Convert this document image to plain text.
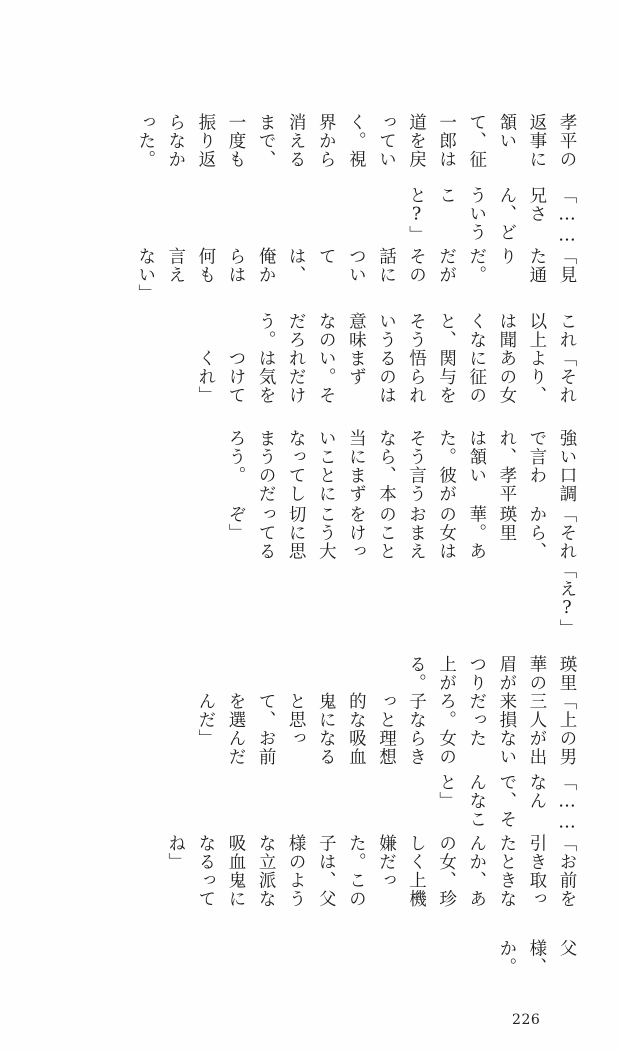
孝平の返事に頷いて、征一郎は道を戻っていく。視界から消えるまで、一度も振り返らなかった。

「……兄さん、どういうこと?」

「見た通りだ。だがその話については、俺からは何も言えない」

これ以上は聞くなと、そういう意味なのだろう。

「それより、あの女に征の関与を悟られるのはまずい。それだけは気をつけてくれ」

強い口調で言われ、孝平は頷いた。彼がそう言うなら、本当にまずいことになってしまうのだろう。

「それから、瑛里華。あの女はおまえのことをけっこう大切に思ってるぞ」

「え?」

瑛里華の眉がつり上がる。

「上の男三人が出来損ないだったろ。女の子ならきっと理想的な吸血鬼になると思って、お前を選んだんだ」

「……なんで、そんなこと」

「お前を引き取ったときなんか、あの女、珍しく上機嫌だった。この子は、父様のような立派な吸血鬼になるってね」

父様、か。

226
